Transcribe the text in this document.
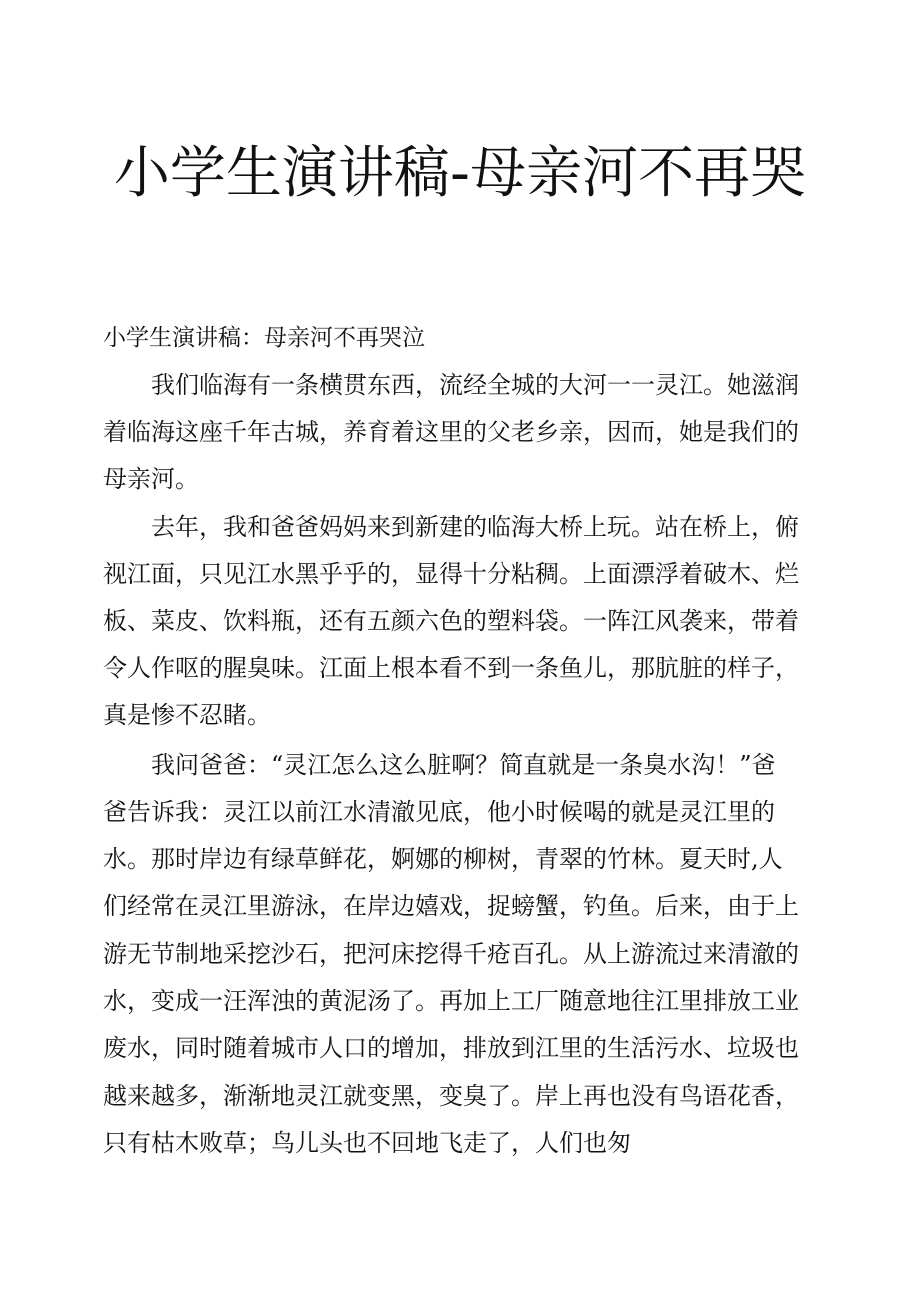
小学生演讲稿-母亲河不再哭

小学生演讲稿：母亲河不再哭泣

我们临海有一条横贯东西，流经全城的大河一一灵江。她滋润

着临海这座千年古城，养育着这里的父老乡亲，因而，她是我们的

母亲河。

去年，我和爸爸妈妈来到新建的临海大桥上玩。站在桥上，俯

视江面，只见江水黑乎乎的，显得十分粘稠。上面漂浮着破木、烂

板、菜皮、饮料瓶，还有五颜六色的塑料袋。一阵江风袭来，带着

令人作呕的腥臭味。江面上根本看不到一条鱼儿，那肮脏的样子，

真是惨不忍睹。

我问爸爸：“灵江怎么这么脏啊？简直就是一条臭水沟！”爸

爸告诉我：灵江以前江水清澈见底，他小时候喝的就是灵江里的

水。那时岸边有绿草鲜花，婀娜的柳树，青翠的竹林。夏天时,人

们经常在灵江里游泳，在岸边嬉戏，捉螃蟹，钓鱼。后来，由于上

游无节制地采挖沙石，把河床挖得千疮百孔。从上游流过来清澈的

水，变成一汪浑浊的黄泥汤了。再加上工厂随意地往江里排放工业

废水，同时随着城市人口的增加，排放到江里的生活污水、垃圾也

越来越多，渐渐地灵江就变黑，变臭了。岸上再也没有鸟语花香，

只有枯木败草；鸟儿头也不回地飞走了，人们也匆
